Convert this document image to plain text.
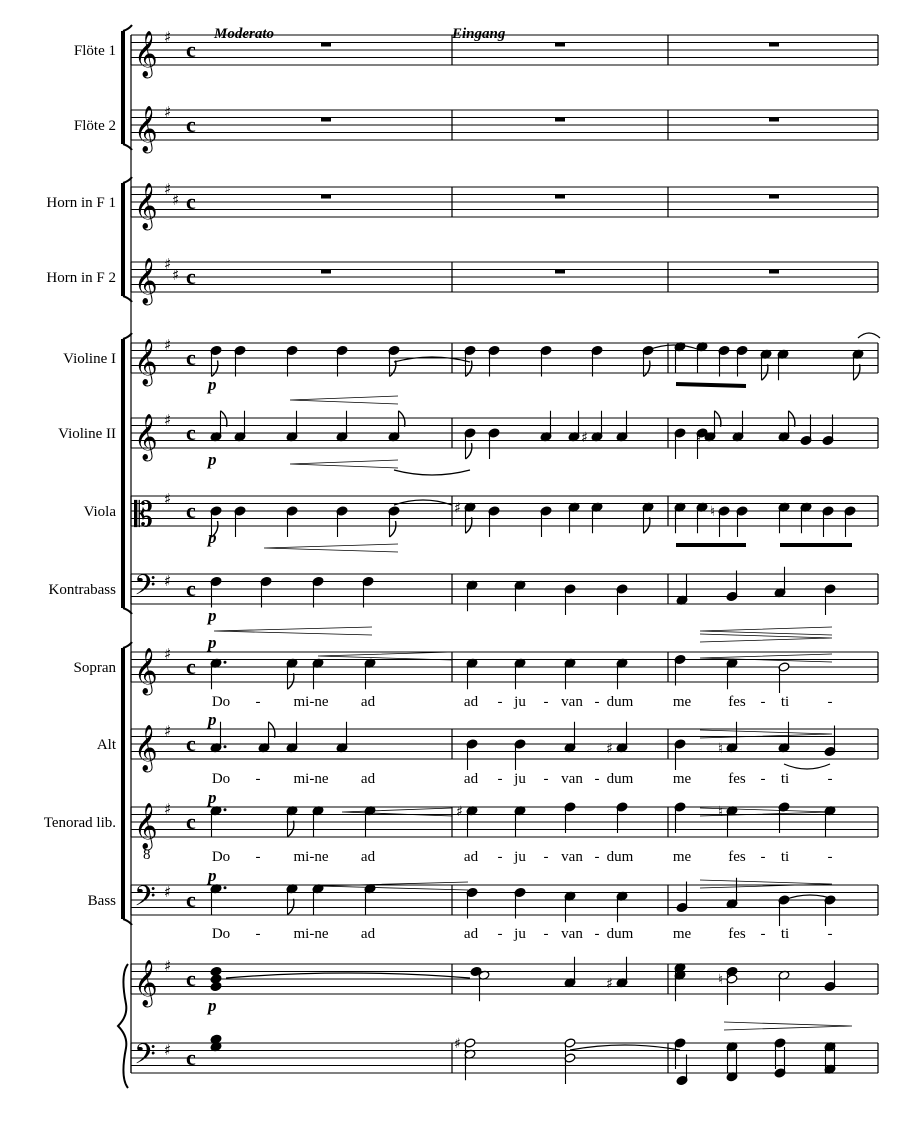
Moderato	Eingang
Flöte 1 𝄞 ♯ c
Flöte 2 𝄞 ♯ c
Horn in F 1 𝄞 ♯
♯ c
Horn in F 2 𝄞 ♯
♯ c
Violine I 𝄞 ♯ c
Violine II 𝄞 ♯ c
Viola 𝄡 ♯ c
Kontrabass 𝄢 ♯ c
Sopran 𝄞 ♯ c
Alt 𝄞 ♯ c
Tenorad lib. 𝄞
8
♯ c
Bass 𝄢 ♯ c
𝄞 ♯ c
𝄢 ♯ c
p
♯	♮
p
♯	♮
p
p
p
♯	♮
p
♯	♮
p
p
♯	♮
p
♯
Do - mi-ne ad	ad - ju - van - dum	me fes - ti	-
Do - mi-ne ad	ad - ju - van - dum	me fes - ti	-
Do - mi-ne ad	ad - ju - van - dum	me fes - ti	-
Do - mi-ne ad	ad - ju - van - dum	me fes - ti	-
